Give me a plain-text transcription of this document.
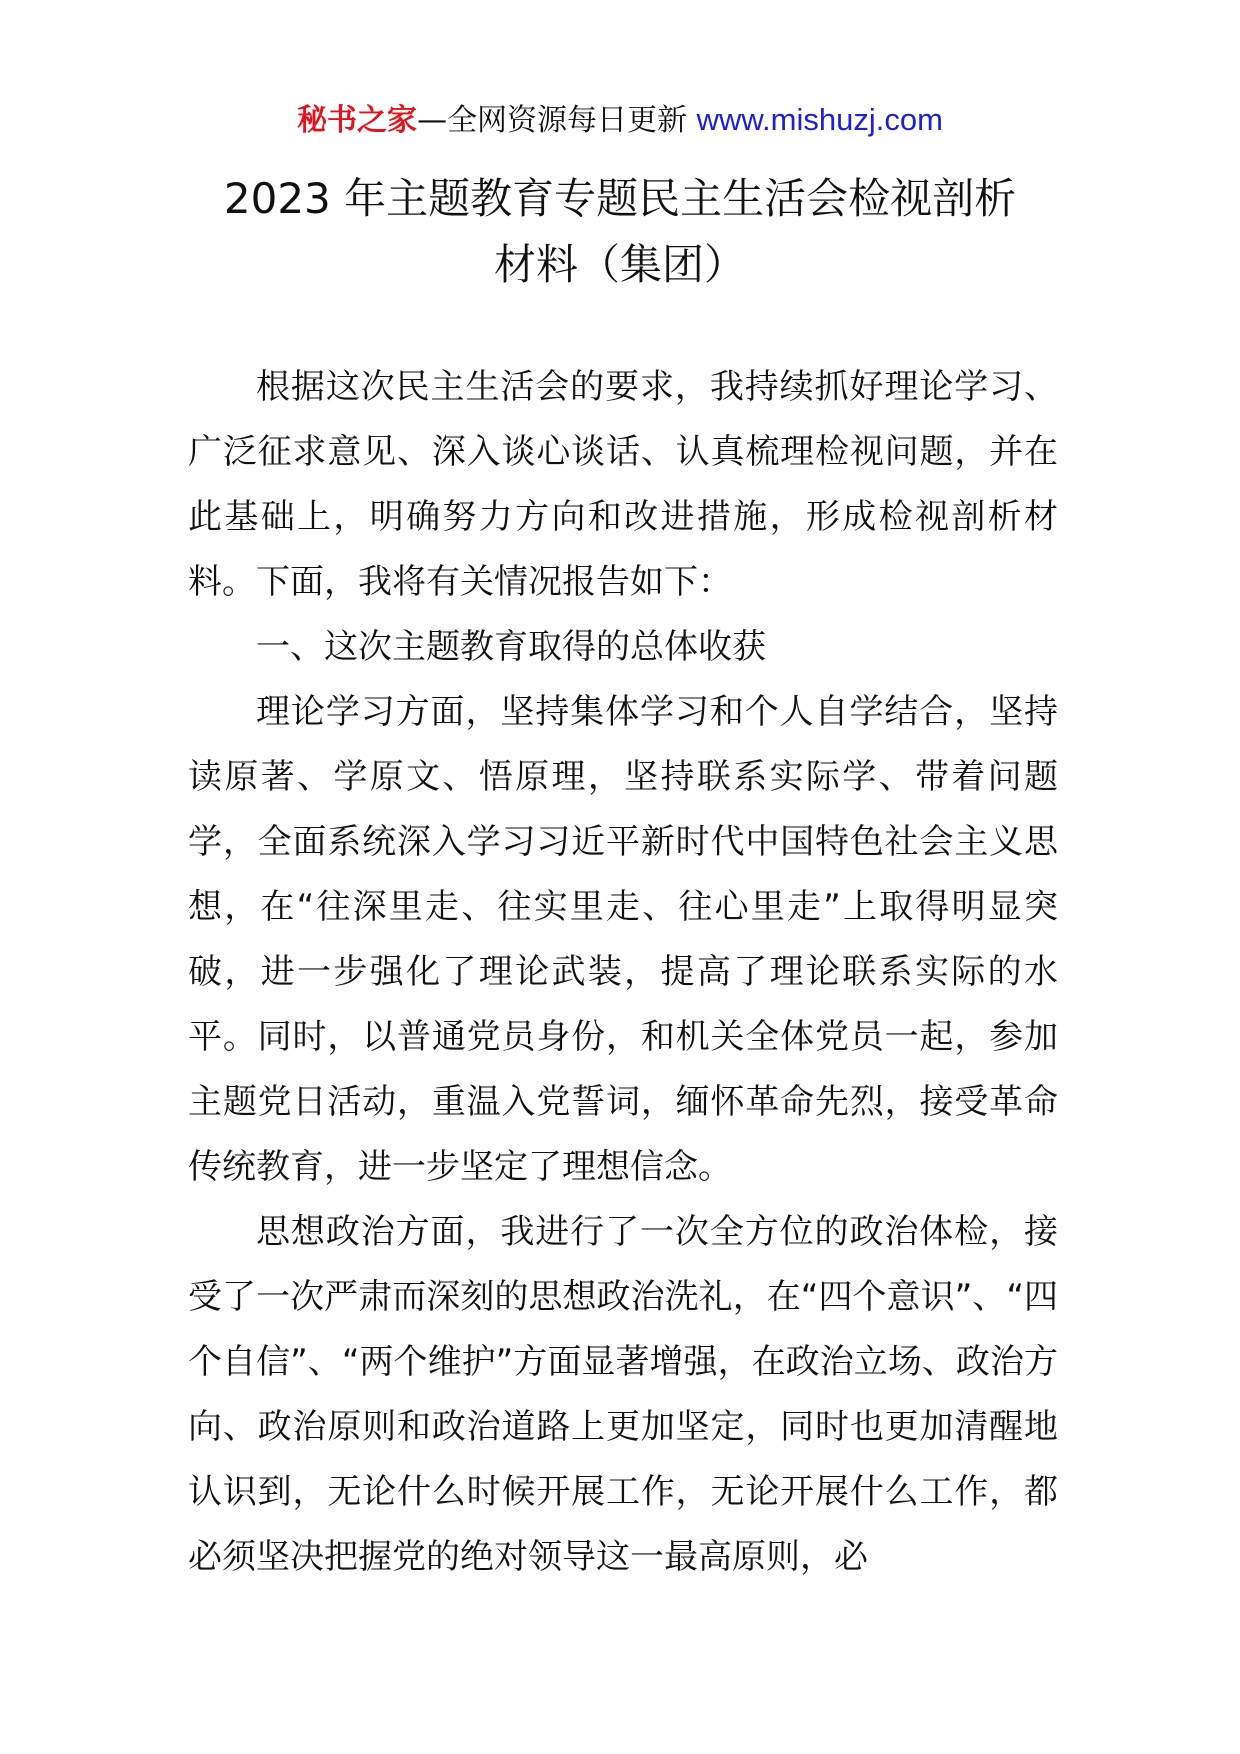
秘书之家—全网资源每日更新 www.mishuzj.com
2023 年主题教育专题民主生活会检视剖析
材料（集团）

根据这次民主生活会的要求，我持续抓好理论学习、广泛征求意见、深入谈心谈话、认真梳理检视问题，并在此基础上，明确努力方向和改进措施，形成检视剖析材料。下面，我将有关情况报告如下：

一、这次主题教育取得的总体收获

理论学习方面，坚持集体学习和个人自学结合，坚持读原著、学原文、悟原理，坚持联系实际学、带着问题学，全面系统深入学习习近平新时代中国特色社会主义思想，在“往深里走、往实里走、往心里走”上取得明显突破，进一步强化了理论武装，提高了理论联系实际的水平。同时，以普通党员身份，和机关全体党员一起，参加主题党日活动，重温入党誓词，缅怀革命先烈，接受革命传统教育，进一步坚定了理想信念。

思想政治方面，我进行了一次全方位的政治体检，接受了一次严肃而深刻的思想政治洗礼，在“四个意识”、“四个自信”、“两个维护”方面显著增强，在政治立场、政治方向、政治原则和政治道路上更加坚定，同时也更加清醒地认识到，无论什么时候开展工作，无论开展什么工作，都必须坚决把握党的绝对领导这一最高原则，必
